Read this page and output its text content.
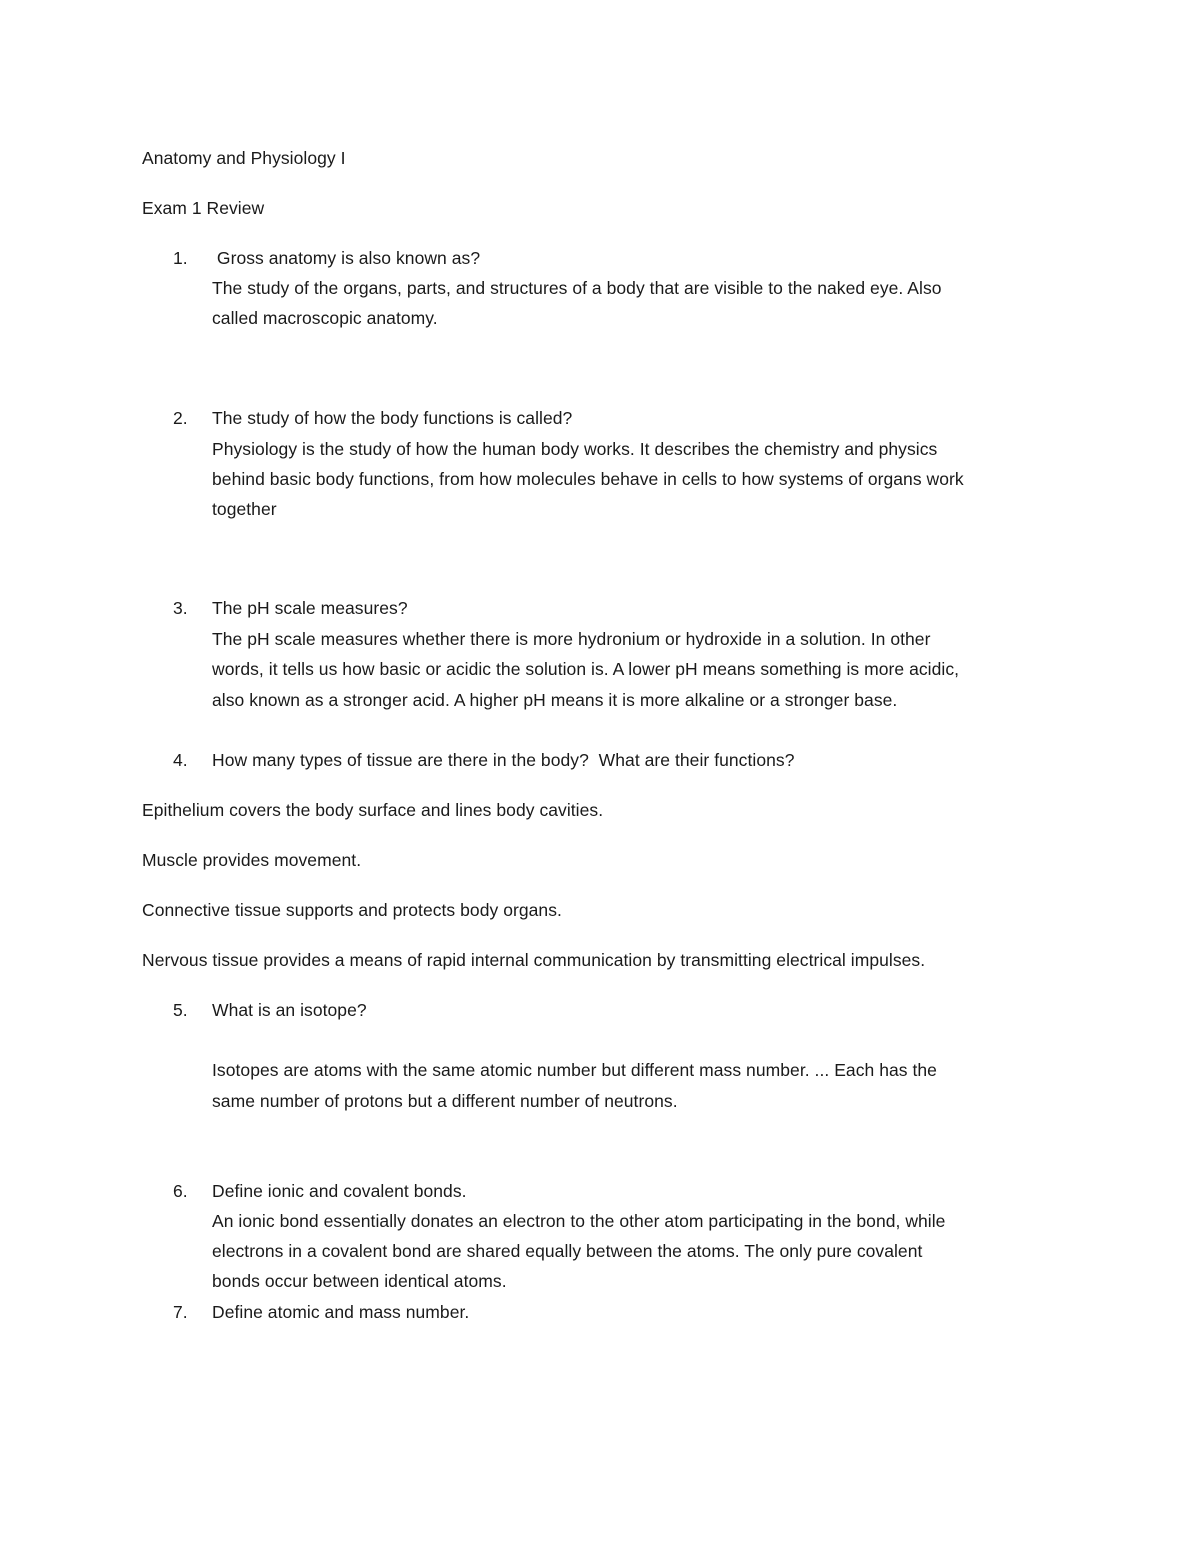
Anatomy and Physiology I
Exam 1 Review
1. Gross anatomy is also known as?
The study of the organs, parts, and structures of a body that are visible to the naked eye. Also
called macroscopic anatomy.
2. The study of how the body functions is called?
Physiology is the study of how the human body works. It describes the chemistry and physics
behind basic body functions, from how molecules behave in cells to how systems of organs work
together
3. The pH scale measures?
The pH scale measures whether there is more hydronium or hydroxide in a solution. In other
words, it tells us how basic or acidic the solution is. A lower pH means something is more acidic,
also known as a stronger acid. A higher pH means it is more alkaline or a stronger base.
4. How many types of tissue are there in the body?  What are their functions?
Epithelium covers the body surface and lines body cavities.
Muscle provides movement.
Connective tissue supports and protects body organs.
Nervous tissue provides a means of rapid internal communication by transmitting electrical impulses.
5. What is an isotope?
Isotopes are atoms with the same atomic number but different mass number. ... Each has the
same number of protons but a different number of neutrons.
6. Define ionic and covalent bonds.
An ionic bond essentially donates an electron to the other atom participating in the bond, while
electrons in a covalent bond are shared equally between the atoms. The only pure covalent
bonds occur between identical atoms.
7. Define atomic and mass number.
